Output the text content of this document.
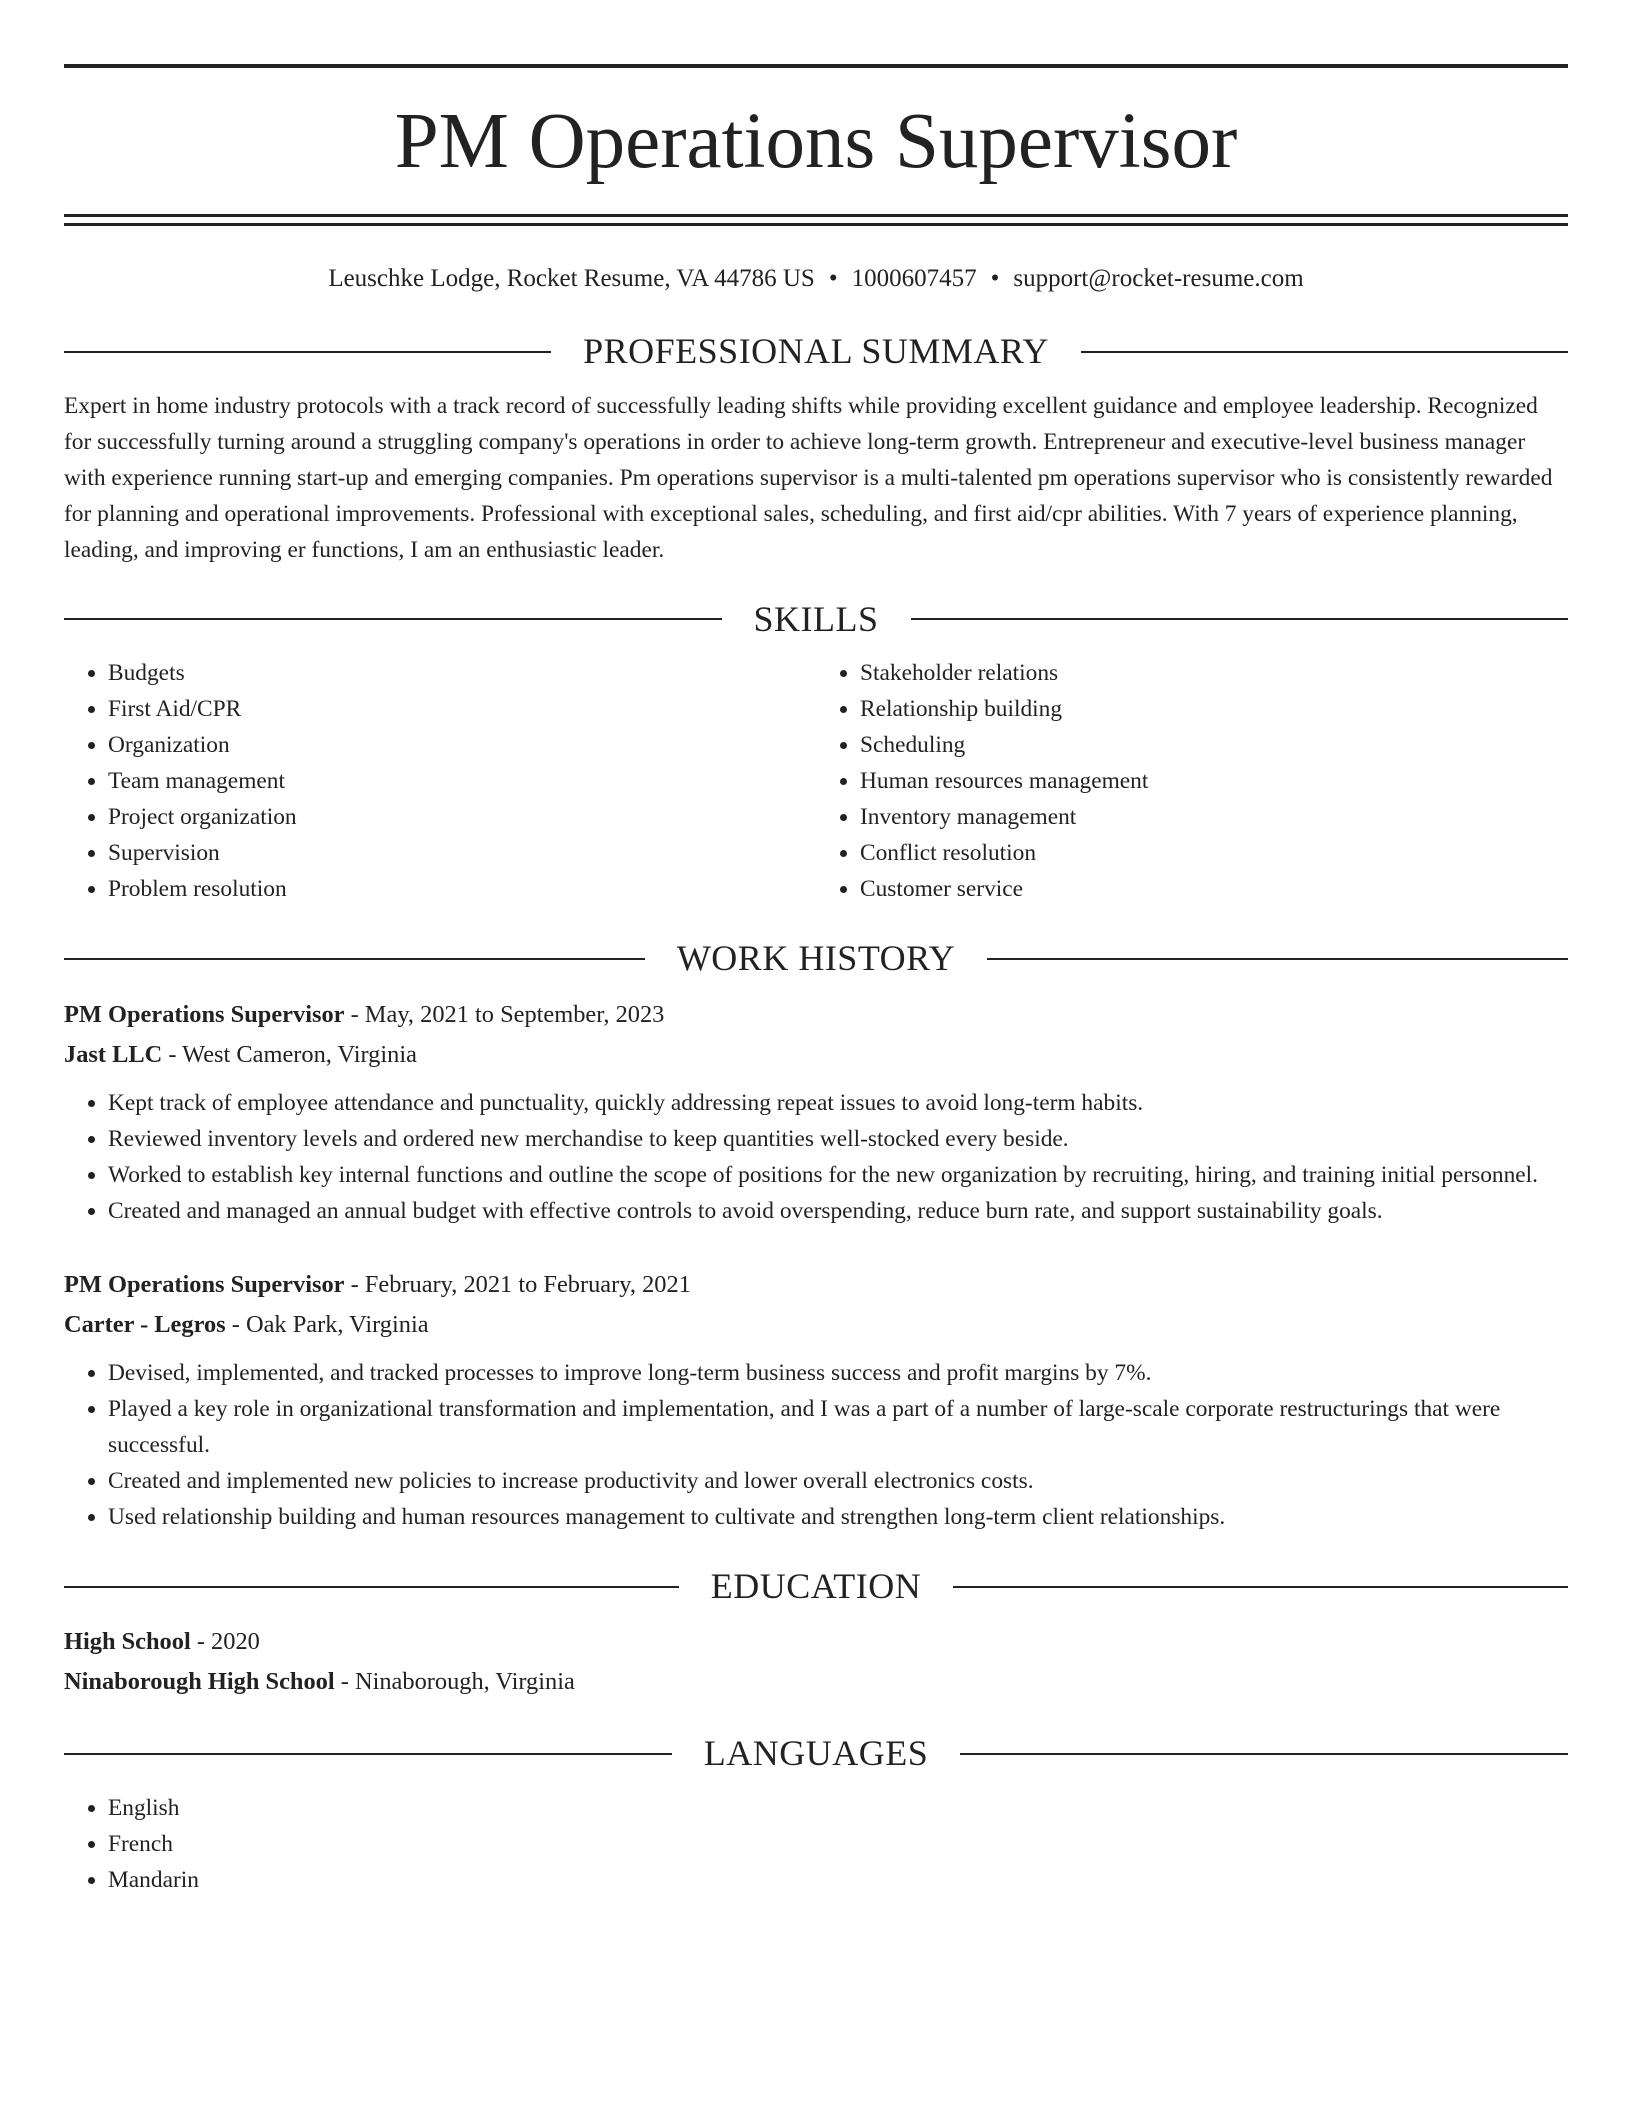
PM Operations Supervisor
Leuschke Lodge, Rocket Resume, VA 44786 US • 1000607457 • support@rocket-resume.com
PROFESSIONAL SUMMARY
Expert in home industry protocols with a track record of successfully leading shifts while providing excellent guidance and employee leadership. Recognized for successfully turning around a struggling company's operations in order to achieve long-term growth. Entrepreneur and executive-level business manager with experience running start-up and emerging companies. Pm operations supervisor is a multi-talented pm operations supervisor who is consistently rewarded for planning and operational improvements. Professional with exceptional sales, scheduling, and first aid/cpr abilities. With 7 years of experience planning, leading, and improving er functions, I am an enthusiastic leader.
SKILLS
• Budgets
• First Aid/CPR
• Organization
• Team management
• Project organization
• Supervision
• Problem resolution
• Stakeholder relations
• Relationship building
• Scheduling
• Human resources management
• Inventory management
• Conflict resolution
• Customer service
WORK HISTORY
PM Operations Supervisor - May, 2021 to September, 2023
Jast LLC - West Cameron, Virginia
• Kept track of employee attendance and punctuality, quickly addressing repeat issues to avoid long-term habits.
• Reviewed inventory levels and ordered new merchandise to keep quantities well-stocked every beside.
• Worked to establish key internal functions and outline the scope of positions for the new organization by recruiting, hiring, and training initial personnel.
• Created and managed an annual budget with effective controls to avoid overspending, reduce burn rate, and support sustainability goals.
PM Operations Supervisor - February, 2021 to February, 2021
Carter - Legros - Oak Park, Virginia
• Devised, implemented, and tracked processes to improve long-term business success and profit margins by 7%.
• Played a key role in organizational transformation and implementation, and I was a part of a number of large-scale corporate restructurings that were successful.
• Created and implemented new policies to increase productivity and lower overall electronics costs.
• Used relationship building and human resources management to cultivate and strengthen long-term client relationships.
EDUCATION
High School - 2020
Ninaborough High School - Ninaborough, Virginia
LANGUAGES
• English
• French
• Mandarin
